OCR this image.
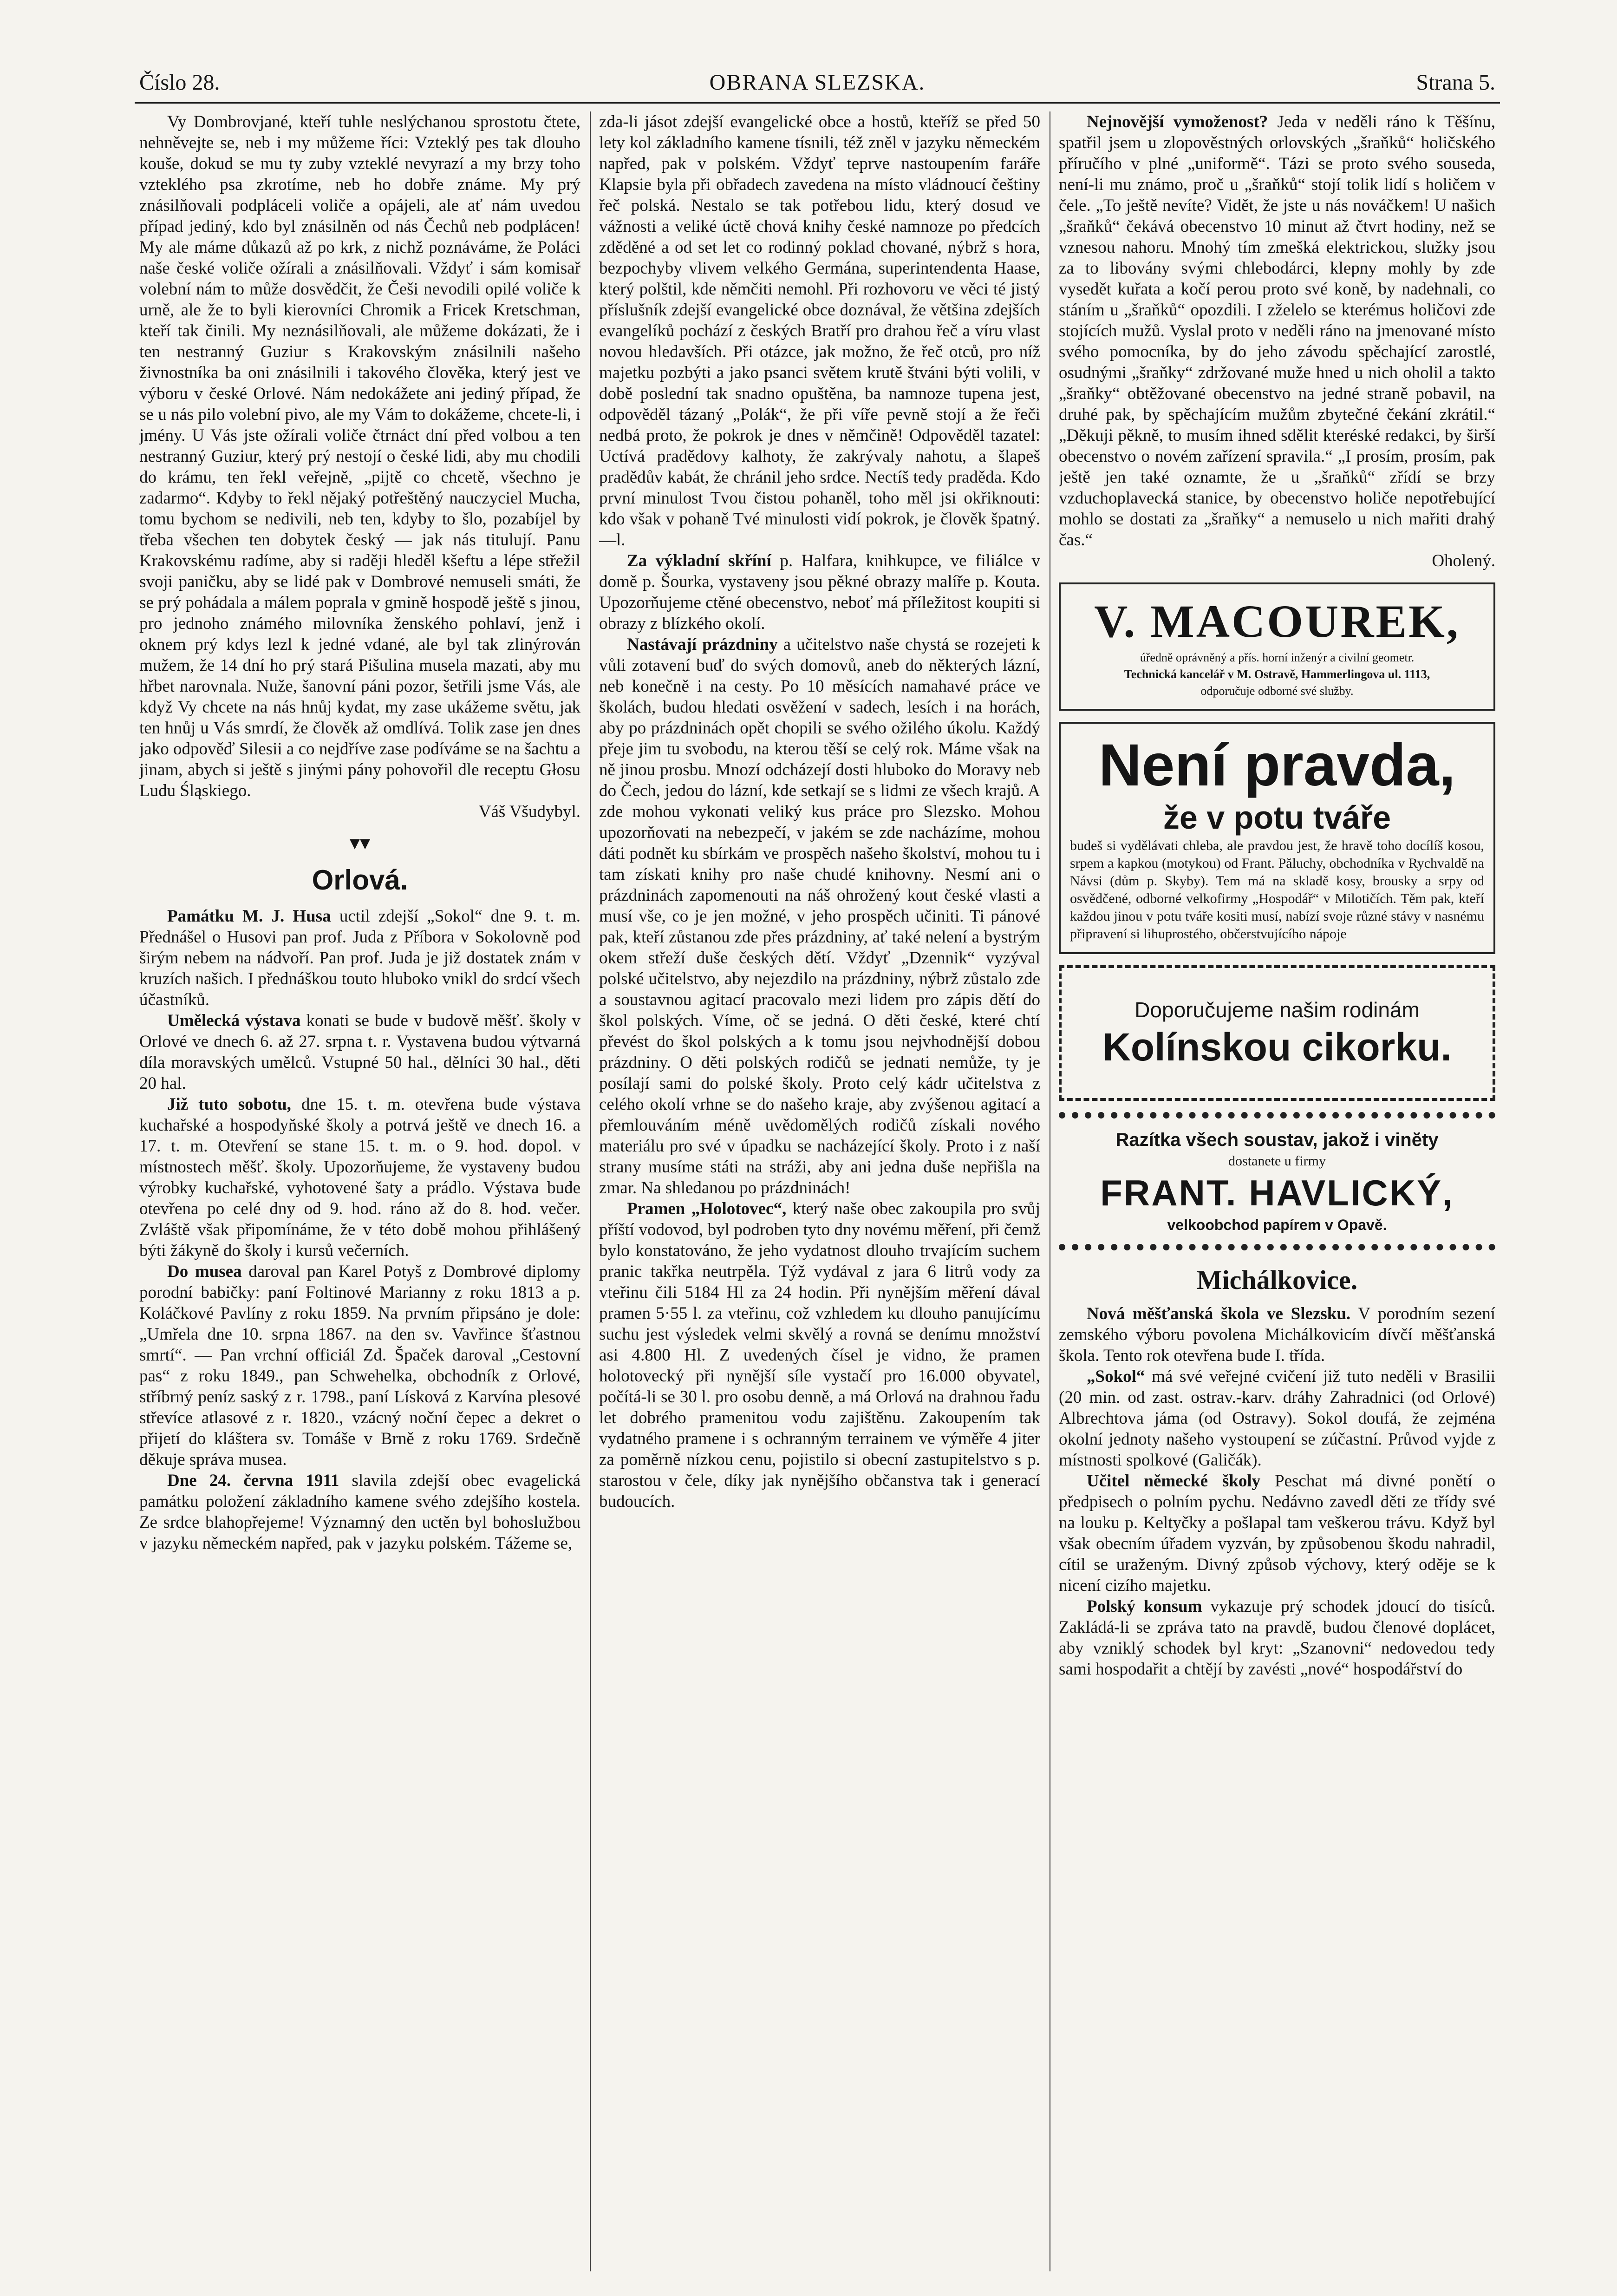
Číslo 28.	OBRANA SLEZSKA.	Strana 5.

Vy Dombrovjané, kteří tuhle neslýchanou sprostotu čtete, nehněvejte se, neb i my můžeme říci: Vzteklý pes tak dlouho kouše, dokud se mu ty zuby vzteklé nevyrazí a my brzy toho vzteklého psa zkrotíme, neb ho dobře známe. My prý znásilňovali podpláceli voliče a opájeli, ale ať nám uvedou případ jediný, kdo byl znásilněn od nás Čechů neb podplácen! My ale máme důkazů až po krk, z nichž poznáváme, že Poláci naše české voliče ožírali a znásilňovali. Vždyť i sám komisař volební nám to může dosvědčit, že Češi nevodili opilé voliče k urně, ale že to byli kierovníci Chromik a Fricek Kretschman, kteří tak činili. My neznásilňovali, ale můžeme dokázati, že i ten nestranný Guziur s Krakovským znásilnili našeho živnostníka ba oni znásilnili i takového člověka, který jest ve výboru v české Orlové. Nám nedokážete ani jediný případ, že se u nás pilo volební pivo, ale my Vám to dokážeme, chcete-li, i jmény. U Vás jste ožírali voliče čtrnáct dní před volbou a ten nestranný Guziur, který prý nestojí o české lidi, aby mu chodili do krámu, ten řekl veřejně, „pijtě co chcetě, všechno je zadarmo“. Kdyby to řekl nějaký potřeštěný nauczyciel Mucha, tomu bychom se nedivili, neb ten, kdyby to šlo, pozabíjel by třeba všechen ten dobytek český — jak nás titulují. Panu Krakovskému radíme, aby si raději hleděl kšeftu a lépe střežil svoji paničku, aby se lidé pak v Dombrové nemuseli smáti, že se prý pohádala a málem poprala v gmině hospodě ještě s jinou, pro jednoho známého milovníka ženského pohlaví, jenž i oknem prý kdys lezl k jedné vdané, ale byl tak zlinýrován mužem, že 14 dní ho prý stará Pišulina musela mazati, aby mu hřbet narovnala. Nuže, šanovní páni pozor, šetřili jsme Vás, ale když Vy chcete na nás hnůj kydat, my zase ukážeme světu, jak ten hnůj u Vás smrdí, že člověk až omdlívá. Tolik zase jen dnes jako odpověď Silesii a co nejdříve zase podíváme se na šachtu a jinam, abych si ještě s jinými pány pohovořil dle receptu Głosu Ludu Śląskiego.

Váš Všudybyl.
▾▾
Orlová.

Památku M. J. Husa uctil zdejší „Sokol“ dne 9. t. m. Přednášel o Husovi pan prof. Juda z Příbora v Sokolovně pod širým nebem na nádvoří. Pan prof. Juda je již dostatek znám v kruzích našich. I přednáškou touto hluboko vnikl do srdcí všech účastníků.

Umělecká výstava konati se bude v budově měšť. školy v Orlové ve dnech 6. až 27. srpna t. r. Vystavena budou výtvarná díla moravských umělců. Vstupné 50 hal., dělníci 30 hal., děti 20 hal.

Již tuto sobotu, dne 15. t. m. otevřena bude výstava kuchařské a hospodyňské školy a potrvá ještě ve dnech 16. a 17. t. m. Otevření se stane 15. t. m. o 9. hod. dopol. v místnostech měšť. školy. Upozorňujeme, že vystaveny budou výrobky kuchařské, vyhotovené šaty a prádlo. Výstava bude otevřena po celé dny od 9. hod. ráno až do 8. hod. večer. Zvláště však připomínáme, že v této době mohou přihlášený býti žákyně do školy i kursů večerních.

Do musea daroval pan Karel Potyš z Dombrové diplomy porodní babičky: paní Foltinové Marianny z roku 1813 a p. Koláčkové Pavlíny z roku 1859. Na prvním připsáno je dole: „Umřela dne 10. srpna 1867. na den sv. Vavřince šťastnou smrtí“. — Pan vrchní officiál Zd. Špaček daroval „Cestovní pas“ z roku 1849., pan Schwehelka, obchodník z Orlové, stříbrný peníz saský z r. 1798., paní Lísková z Karvína plesové střevíce atlasové z r. 1820., vzácný noční čepec a dekret o přijetí do kláštera sv. Tomáše v Brně z roku 1769. Srdečně děkuje správa musea.

Dne 24. června 1911 slavila zdejší obec evagelická památku položení základního kamene svého zdejšího kostela. Ze srdce blahopřejeme! Významný den uctěn byl bohoslužbou v jazyku německém napřed, pak v jazyku polském. Tážeme se,

zda-li jásot zdejší evangelické obce a hostů, kteříž se před 50 lety kol základního kamene tísnili, též zněl v jazyku německém napřed, pak v polském. Vždyť teprve nastoupením faráře Klapsie byla při obřadech zavedena na místo vládnoucí češtiny řeč polská. Nestalo se tak potřebou lidu, který dosud ve vážnosti a veliké úctě chová knihy české namnoze po předcích zděděné a od set let co rodinný poklad chované, nýbrž s hora, bezpochyby vlivem velkého Germána, superintendenta Haase, který polštil, kde němčiti nemohl. Při rozhovoru ve věci té jistý příslušník zdejší evangelické obce doznával, že většina zdejších evangelíků pochází z českých Bratří pro drahou řeč a víru vlast novou hledavších. Při otázce, jak možno, že řeč otců, pro níž majetku pozbýti a jako psanci světem krutě štváni býti volili, v době poslední tak snadno opuštěna, ba namnoze tupena jest, odpověděl tázaný „Polák“, že při víře pevně stojí a že řeči nedbá proto, že pokrok je dnes v němčině! Odpověděl tazatel: Uctívá pradědovy kalhoty, že zakrývaly nahotu, a šlapeš pradědův kabát, že chránil jeho srdce. Nectíš tedy praděda. Kdo první minulost Tvou čistou pohaněl, toho měl jsi okřiknouti: kdo však v pohaně Tvé minulosti vidí pokrok, je člověk špatný. —l.

Za výkladní skříní p. Halfara, knihkupce, ve filiálce v domě p. Šourka, vystaveny jsou pěkné obrazy malíře p. Kouta. Upozorňujeme ctěné obecenstvo, neboť má příležitost koupiti si obrazy z blízkého okolí.

Nastávají prázdniny a učitelstvo naše chystá se rozejeti k vůli zotavení buď do svých domovů, aneb do některých lázní, neb konečně i na cesty. Po 10 měsících namahavé práce ve školách, budou hledati osvěžení v sadech, lesích i na horách, aby po prázdninách opět chopili se svého ožilého úkolu. Každý přeje jim tu svobodu, na kterou těší se celý rok. Máme však na ně jinou prosbu. Mnozí odcházejí dosti hluboko do Moravy neb do Čech, jedou do lázní, kde setkají se s lidmi ze všech krajů. A zde mohou vykonati veliký kus práce pro Slezsko. Mohou upozorňovati na nebezpečí, v jakém se zde nacházíme, mohou dáti podnět ku sbírkám ve prospěch našeho školství, mohou tu i tam získati knihy pro naše chudé knihovny. Nesmí ani o prázdninách zapomenouti na náš ohrožený kout české vlasti a musí vše, co je jen možné, v jeho prospěch učiniti. Ti pánové pak, kteří zůstanou zde přes prázdniny, ať také nelení a bystrým okem střeží duše českých dětí. Vždyť „Dzennik“ vyzýval polské učitelstvo, aby nejezdilo na prázdniny, nýbrž zůstalo zde a soustavnou agitací pracovalo mezi lidem pro zápis dětí do škol polských. Víme, oč se jedná. O děti české, které chtí převést do škol polských a k tomu jsou nejvhodnější dobou prázdniny. O děti polských rodičů se jednati nemůže, ty je posílají sami do polské školy. Proto celý kádr učitelstva z celého okolí vrhne se do našeho kraje, aby zvýšenou agitací a přemlouváním méně uvědomělých rodičů získali nového materiálu pro své v úpadku se nacházející školy. Proto i z naší strany musíme státi na stráži, aby ani jedna duše nepřišla na zmar. Na shledanou po prázdninách!

Pramen „Holotovec“, který naše obec zakoupila pro svůj příští vodovod, byl podroben tyto dny novému měření, při čemž bylo konstatováno, že jeho vydatnost dlouho trvajícím suchem pranic takřka neutrpěla. Týž vydával z jara 6 litrů vody za vteřinu čili 5184 Hl za 24 hodin. Při nynějším měření dával pramen 5·55 l. za vteřinu, což vzhledem ku dlouho panujícímu suchu jest výsledek velmi skvělý a rovná se denímu množství asi 4.800 Hl. Z uvedených čísel je vidno, že pramen holotovecký při nynější síle vystačí pro 16.000 obyvatel, počítá-li se 30 l. pro osobu denně, a má Orlová na drahnou řadu let dobrého pramenitou vodu zajištěnu. Zakoupením tak vydatného pramene i s ochranným terrainem ve výměře 4 jiter za poměrně nízkou cenu, pojistilo si obecní zastupitelstvo s p. starostou v čele, díky jak nynějšího občanstva tak i generací budoucích.

Nejnovější vymoženost? Jeda v neděli ráno k Těšínu, spatřil jsem u zlopověstných orlovských „šraňků“ holičského příručího v plné „uniformě“. Tázi se proto svého souseda, není-li mu známo, proč u „šraňků“ stojí tolik lidí s holičem v čele. „To ještě nevíte? Vidět, že jste u nás nováčkem! U našich „šraňků“ čekává obecenstvo 10 minut až čtvrt hodiny, než se vznesou nahoru. Mnohý tím zmešká elektrickou, služky jsou za to libovány svými chlebodárci, klepny mohly by zde vysedět kuřata a kočí perou proto své koně, by nadehnali, co stáním u „šraňků“ opozdili. I zželelo se kterémus holičovi zde stojících mužů. Vyslal proto v neděli ráno na jmenované místo svého pomocníka, by do jeho závodu spěchající zarostlé, osudnými „šraňky“ zdržované muže hned u nich oholil a takto „šraňky“ obtěžované obecenstvo na jedné straně pobavil, na druhé pak, by spěchajícím mužům zbytečné čekání zkrátil.“ „Děkuji pěkně, to musím ihned sdělit kteréské redakci, by širší obecenstvo o novém zařízení spravila.“ „I prosím, prosím, pak ještě jen také oznamte, že u „šraňků“ zřídí se brzy vzduchoplavecká stanice, by obecenstvo holiče nepotřebující mohlo se dostati za „šraňky“ a nemuselo u nich mařiti drahý čas.“

Oholený.
V. MACOUREK,
úředně oprávněný a přís. horní inženýr a civilní geometr.
Technická kancelář v M. Ostravě, Hammerlingova ul. 1113,
odporučuje odborné své služby.
Není pravda,
že v potu tváře
budeš si vydělávati chleba, ale pravdou jest, že hravě toho docílíš kosou, srpem a kapkou (motykou) od Frant. Păluchy, obchodníka v Rychvaldě na Návsi (dům p. Skyby). Tem má na skladě kosy, brousky a srpy od osvědčené, odborné velkofirmy „Hospodář“ v Milotičích. Těm pak, kteří každou jinou v potu tváře kositi musí, nabízí svoje různé stávy v nasnému připravení si lihuprostého, občerstvujícího nápoje
Doporučujeme našim rodinám
Kolínskou cikorku.
Razítka všech soustav, jakož i vinĕty
dostanete u firmy
FRANT. HAVLICKÝ,
velkoobchod papírem v Opavě.
Michálkovice.

Nová měšťanská škola ve Slezsku. V porodním sezení zemského výboru povolena Michálkovicím dívčí měšťanská škola. Tento rok otevřena bude I. třída.

„Sokol“ má své veřejné cvičení již tuto neděli v Brasilii (20 min. od zast. ostrav.-karv. dráhy Zahradnici (od Orlové) Albrechtova jáma (od Ostravy). Sokol doufá, že zejména okolní jednoty našeho vystoupení se zúčastní. Průvod vyjde z místnosti spolkové (Galičák).

Učitel německé školy Peschat má divné ponětí o předpisech o polním pychu. Nedávno zavedl děti ze třídy své na louku p. Keltyčky a pošlapal tam veškerou trávu. Když byl však obecním úřadem vyzván, by způsobenou škodu nahradil, cítil se uraženým. Divný způsob výchovy, který oděje se k nicení cizího majetku.

Polský konsum vykazuje prý schodek jdoucí do tisíců. Zakládá-li se zpráva tato na pravdě, budou členové doplácet, aby vzniklý schodek byl kryt: „Szanovni“ nedovedou tedy sami hospodařit a chtějí by zavésti „nové“ hospodářství do
